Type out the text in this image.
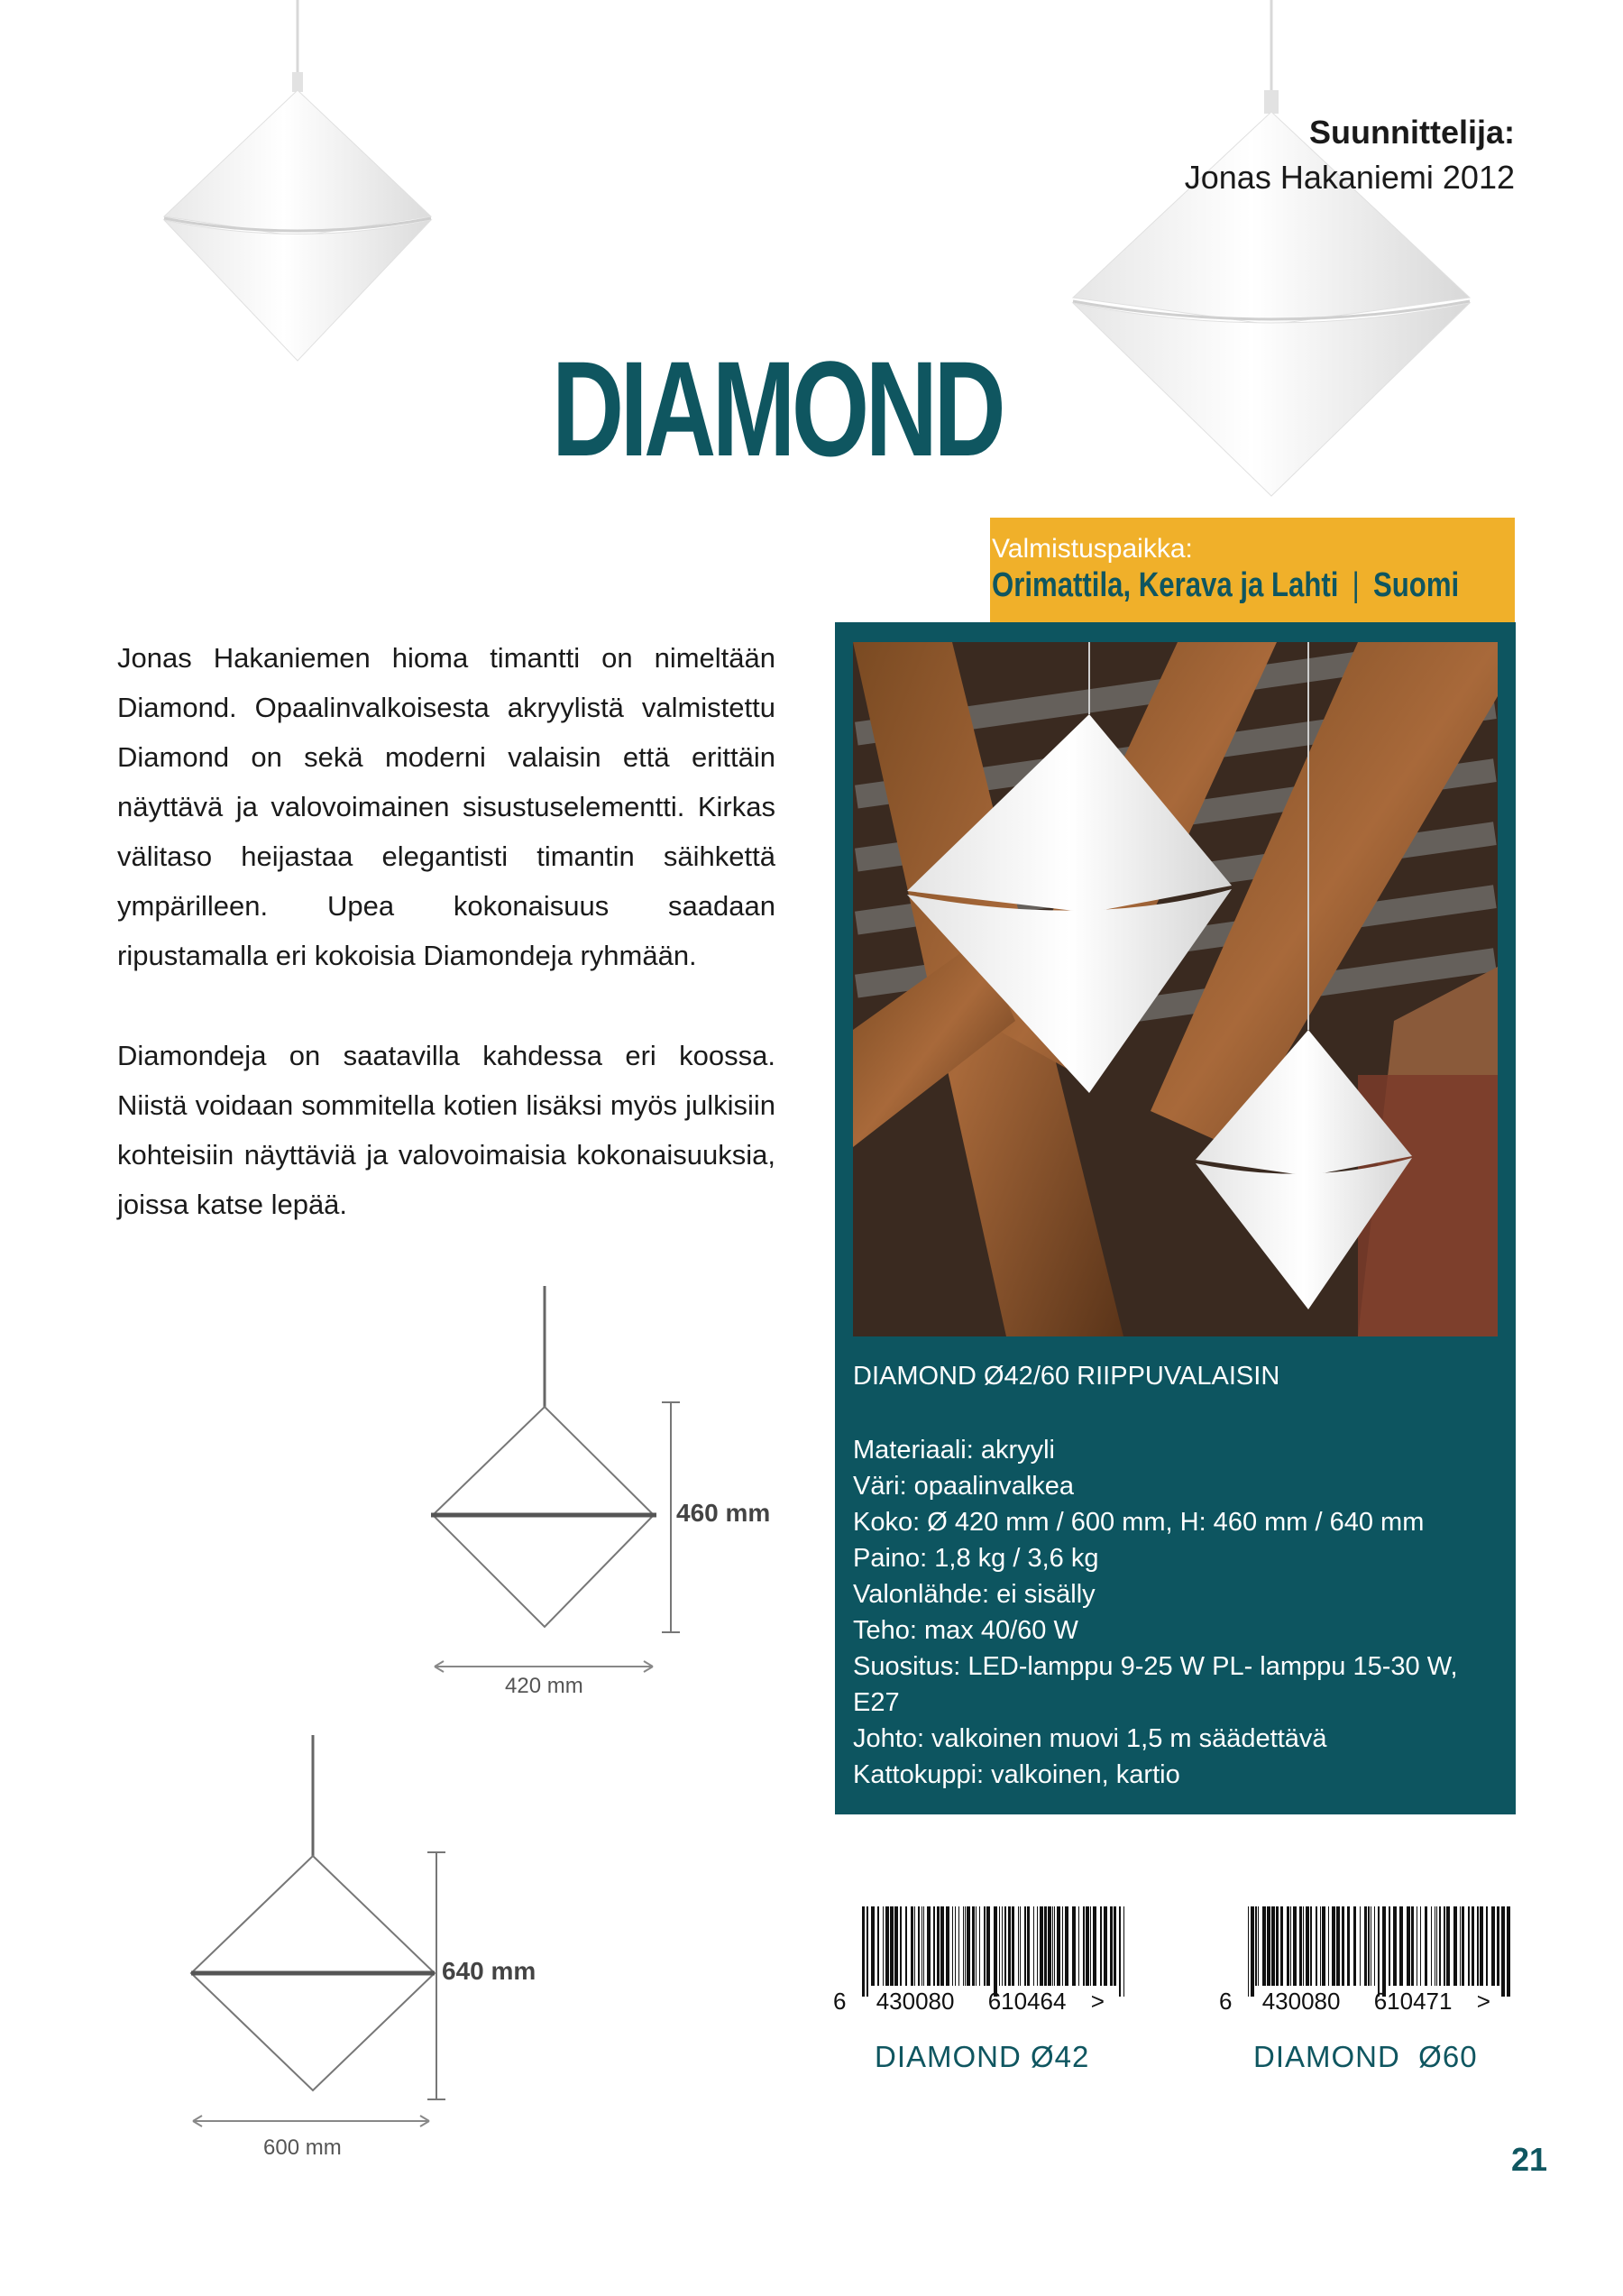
Suunnittelija:
Jonas Hakaniemi 2012
DIAMOND
Valmistuspaikka:
Orimattila, Kerava ja Lahti | Suomi
Jonas Hakaniemen hioma timantti on nimeltään Diamond. Opaalinvalkoisesta akryylistä valmistettu Diamond on sekä moderni valaisin että erittäin näyttävä ja valovoimainen sisustuselementti. Kirkas välitaso heijastaa elegantisti timantin säihkettä ympärilleen. Upea kokonaisuus saadaan ripustamalla eri kokoisia Diamondeja ryhmään.
Diamondeja on saatavilla kahdessa eri koossa. Niistä voidaan sommitella kotien lisäksi myös julkisiin kohteisiin näyttäviä ja valovoimaisia kokonaisuuksia, joissa katse lepää.
DIAMOND Ø42/60 RIIPPUVALAISIN
Materiaali: akryyli
Väri: opaalinvalkea
Koko: Ø 420 mm / 600 mm, H: 460 mm / 640 mm
Paino: 1,8 kg / 3,6 kg
Valonlähde: ei sisälly
Teho: max 40/60 W
Suositus: LED-lamppu 9-25 W PL- lamppu 15-30 W, E27
Johto: valkoinen muovi 1,5 m säädettävä
Kattokuppi: valkoinen, kartio
460 mm
420 mm
640 mm
600 mm
6 430080 610464 >
DIAMOND Ø42
6 430080 610471 >
DIAMOND  Ø60
21
